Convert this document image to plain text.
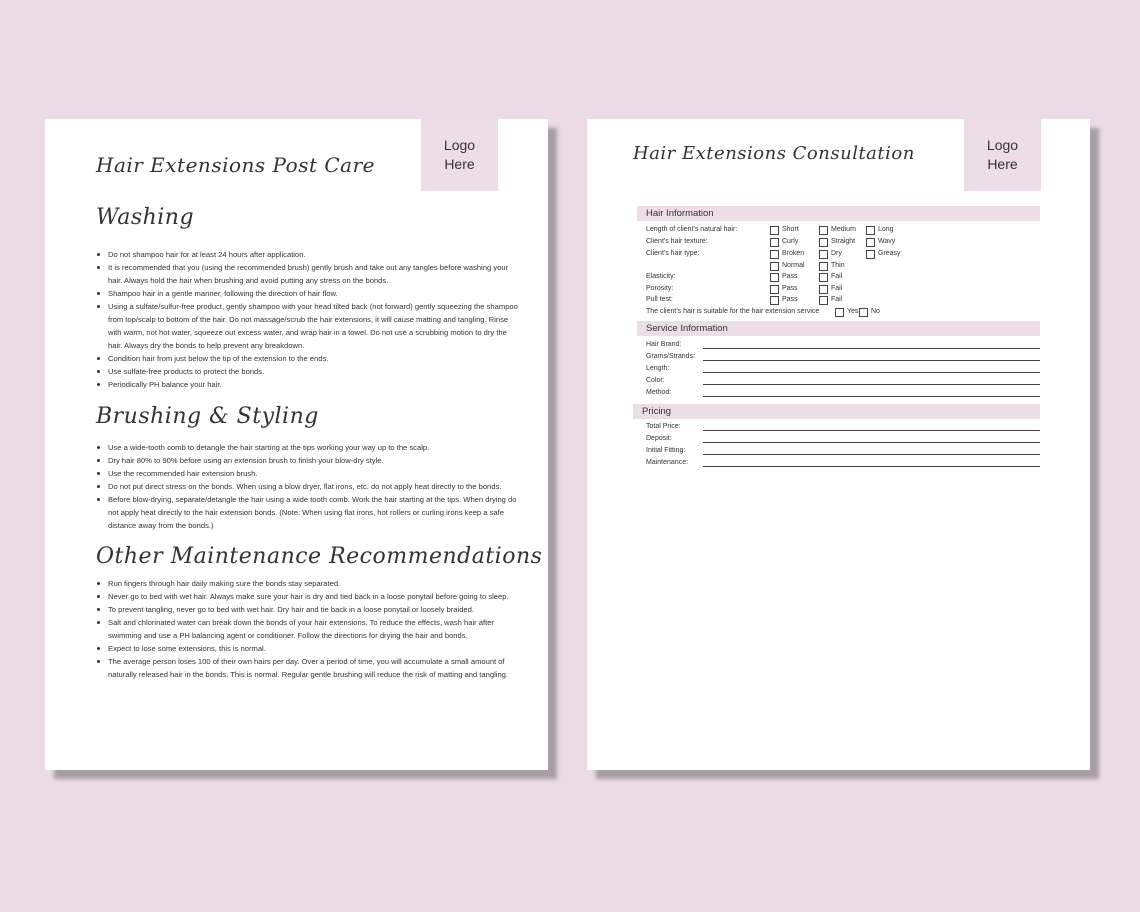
Logo
Here
Hair Extensions Post Care
Washing
Do not shampoo hair for at least 24 hours after application.
It is recommended that you (using the recommended brush) gently brush and take out any tangles before washing your hair. Always hold the hair when brushing and avoid putting any stress on the bonds.
Shampoo hair in a gentle manner, following the direction of hair flow.
Using a sulfate/sulfur-free product, gently shampoo with your head tilted back (not forward) gently squeezing the shampoo from top/scalp to bottom of the hair. Do not massage/scrub the hair extensions, it will cause matting and tangling. Rinse with warm, not hot water, squeeze out excess water, and wrap hair in a towel. Do not use a scrubbing motion to dry the hair. Always dry the bonds to help prevent any breakdown.
Condition hair from just below the tip of the extension to the ends.
Use sulfate-free products to protect the bonds.
Periodically PH balance your hair.
Brushing & Styling
Use a wide-tooth comb to detangle the hair starting at the tips working your way up to the scalp.
Dry hair 80% to 90% before using an extension brush to finish your blow-dry style.
Use the recommended hair extension brush.
Do not put direct stress on the bonds. When using a blow dryer, flat irons, etc. do not apply heat directly to the bonds.
Before blow-drying, separate/detangle the hair using a wide tooth comb. Work the hair starting at the tips. When drying do not apply heat directly to the hair extension bonds. (Note: When using flat irons, hot rollers or curling irons keep a safe distance away from the bonds.)
Other Maintenance Recommendations
Run fingers through hair daily making sure the bonds stay separated.
Never go to bed with wet hair. Always make sure your hair is dry and tied back in a loose ponytail before going to sleep.
To prevent tangling, never go to bed with wet hair. Dry hair and tie back in a loose ponytail or loosely braided.
Salt and chlorinated water can break down the bonds of your hair extensions. To reduce the effects, wash hair after swimming and use a PH balancing agent or conditioner. Follow the directions for drying the hair and bonds.
Expect to lose some extensions, this is normal.
The average person loses 100 of their own hairs per day. Over a period of time, you will accumulate a small amount of naturally released hair in the bonds. This is normal. Regular gentle brushing will reduce the risk of matting and tangling.
Logo
Here
Hair Extensions Consultation
Hair Information
Length of client's natural hair:	Short	Medium	Long
Client's hair texture:	Curly	Straight	Wavy
Client's hair type:	Broken	Dry	Greasy
Normal	Thin
Elasticity:	Pass	Fail
Porosity:	Pass	Fail
Pull test:	Pass	Fail
The client's hair is suitable for the hair extension service	Yes No
Service Information
Hair Brand:
Grams/Strands:
Length:
Color:
Method:
Pricing
Total Price:
Deposit:
Initial Fitting:
Maintenance:
